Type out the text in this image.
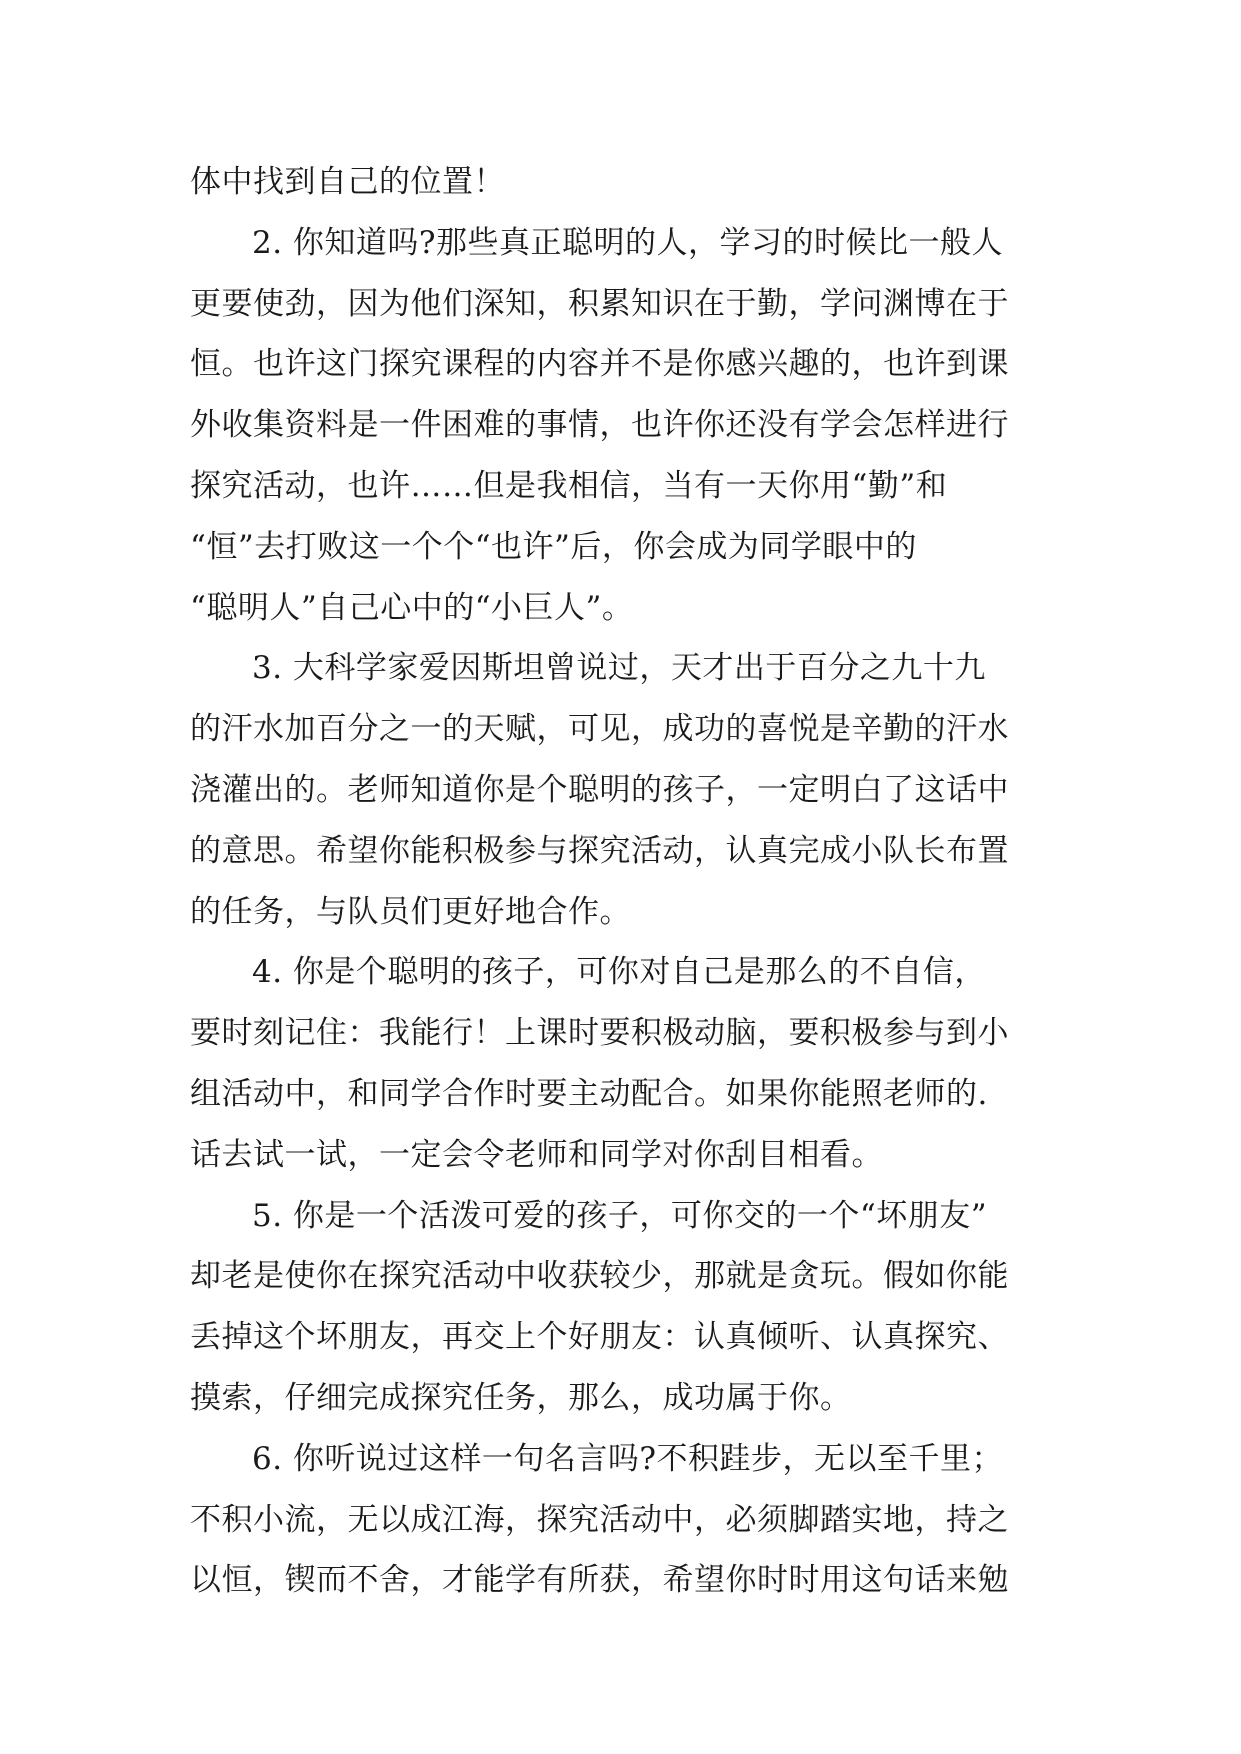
体中找到自己的位置！
2. 你知道吗?那些真正聪明的人，学习的时候比一般人
更要使劲，因为他们深知，积累知识在于勤，学问渊博在于
恒。也许这门探究课程的内容并不是你感兴趣的，也许到课
外收集资料是一件困难的事情，也许你还没有学会怎样进行
探究活动，也许……但是我相信，当有一天你用“勤”和
“恒”去打败这一个个“也许”后，你会成为同学眼中的
“聪明人”自己心中的“小巨人”。
3. 大科学家爱因斯坦曾说过，天才出于百分之九十九
的汗水加百分之一的天赋，可见，成功的喜悦是辛勤的汗水
浇灌出的。老师知道你是个聪明的孩子，一定明白了这话中
的意思。希望你能积极参与探究活动，认真完成小队长布置
的任务，与队员们更好地合作。
4. 你是个聪明的孩子，可你对自己是那么的不自信，
要时刻记住：我能行！上课时要积极动脑，要积极参与到小
组活动中，和同学合作时要主动配合。如果你能照老师的.
话去试一试，一定会令老师和同学对你刮目相看。
5. 你是一个活泼可爱的孩子，可你交的一个“坏朋友”
却老是使你在探究活动中收获较少，那就是贪玩。假如你能
丢掉这个坏朋友，再交上个好朋友：认真倾听、认真探究、
摸索，仔细完成探究任务，那么，成功属于你。
6. 你听说过这样一句名言吗?不积跬步，无以至千里；
不积小流，无以成江海，探究活动中，必须脚踏实地，持之
以恒，锲而不舍，才能学有所获，希望你时时用这句话来勉
